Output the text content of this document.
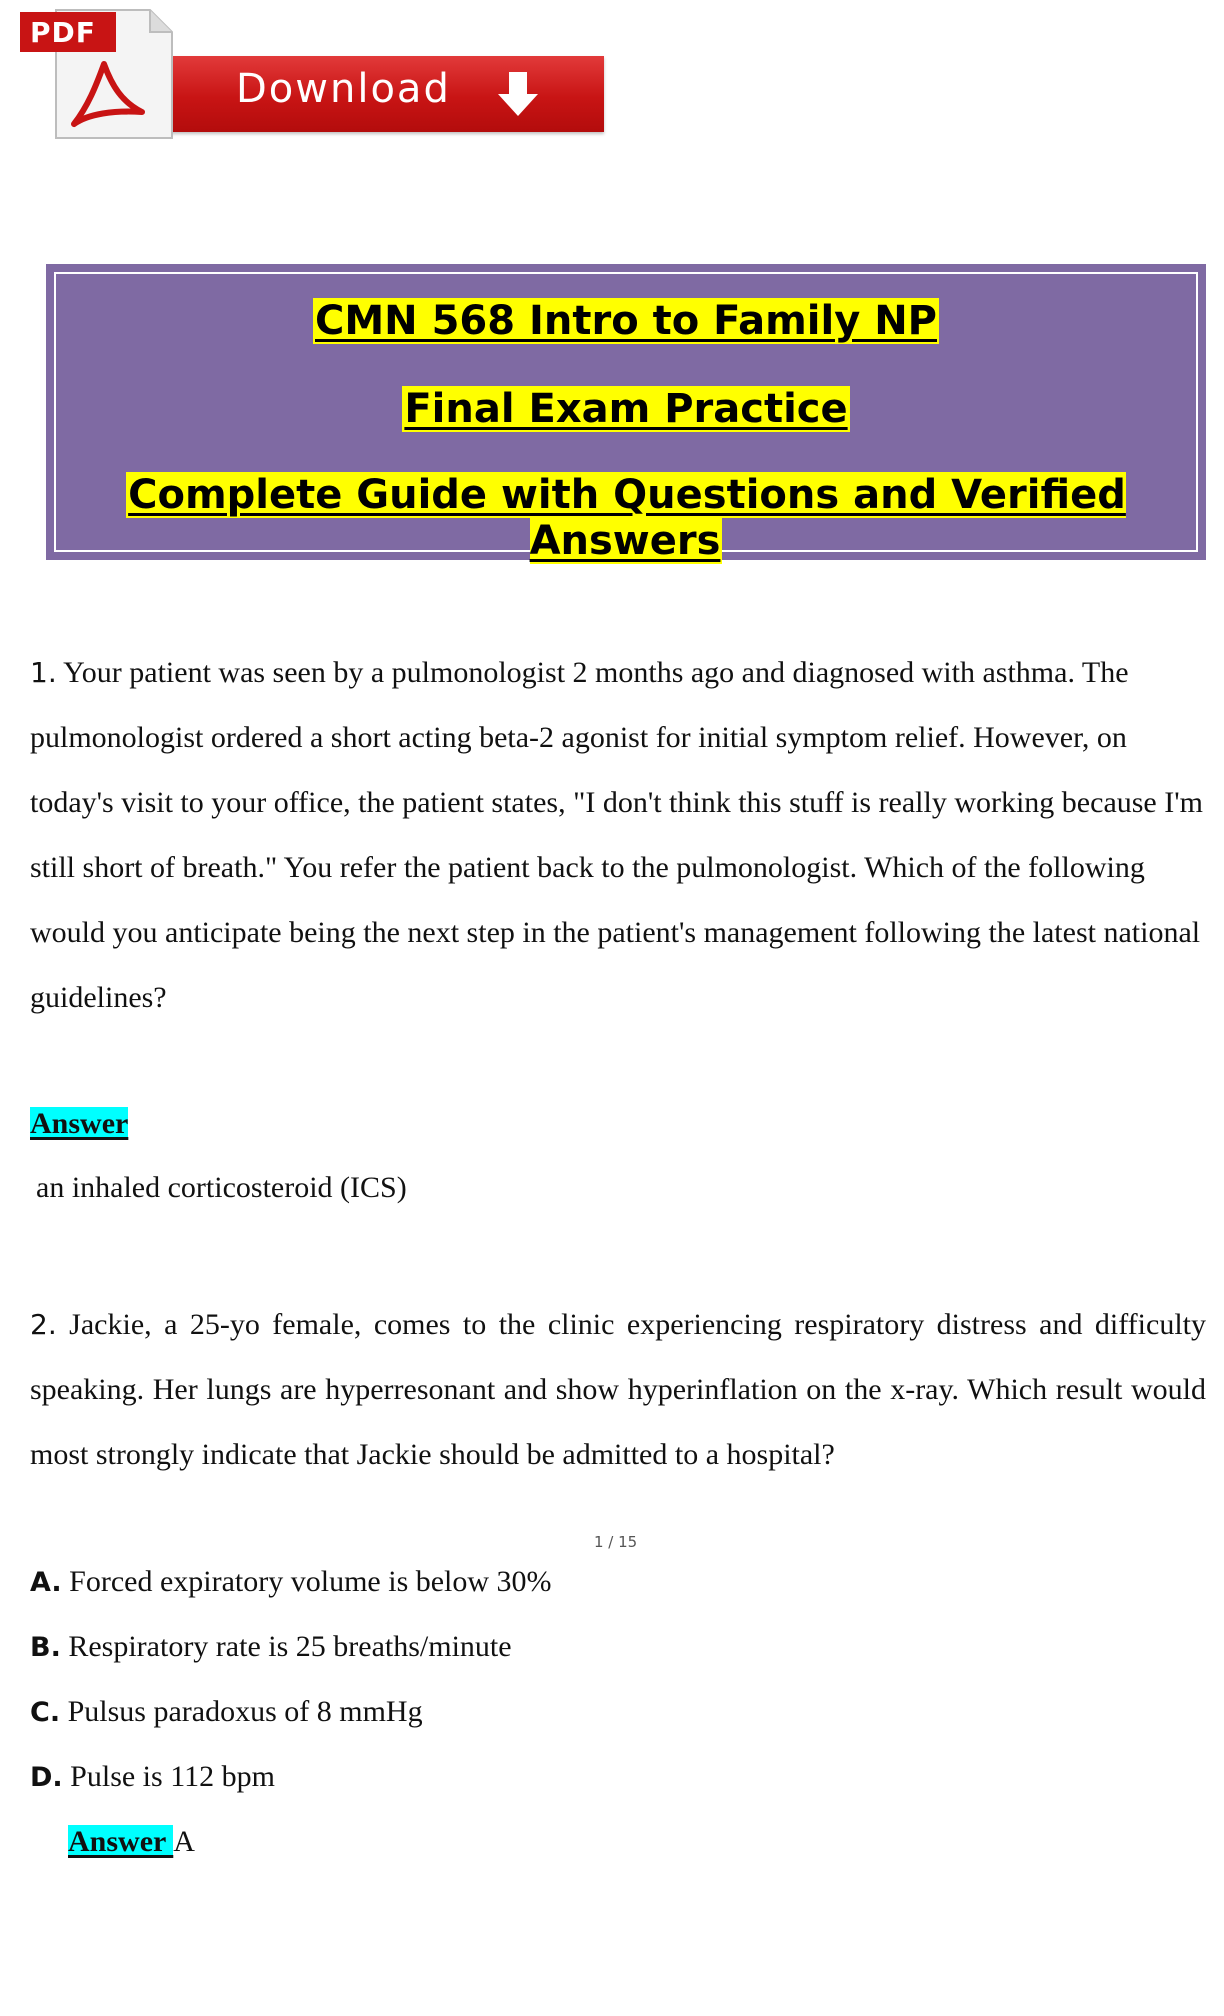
PDF
Download
CMN 568 Intro to Family NP
Final Exam Practice
Complete Guide with Questions and Verified Answers
1. Your patient was seen by a pulmonologist 2 months ago and diagnosed with asthma. The pulmonologist ordered a short acting beta-2 agonist for initial symptom relief. However, on today's visit to your office, the patient states, "I don't think this stuff is really working because I'm still short of breath." You refer the patient back to the pulmonologist. Which of the following would you anticipate being the next step in the patient's management following the latest national guidelines?
Answer
an inhaled corticosteroid (ICS)
2. Jackie, a 25-yo female, comes to the clinic experiencing respiratory distress and difficulty speaking. Her lungs are hyperresonant and show hyperinflation on the x-ray. Which result would most strongly indicate that Jackie should be admitted to a hospital?
1 / 15
A. Forced expiratory volume is below 30%
B. Respiratory rate is 25 breaths/minute
C. Pulsus paradoxus of 8 mmHg
D. Pulse is 112 bpm
Answer A
